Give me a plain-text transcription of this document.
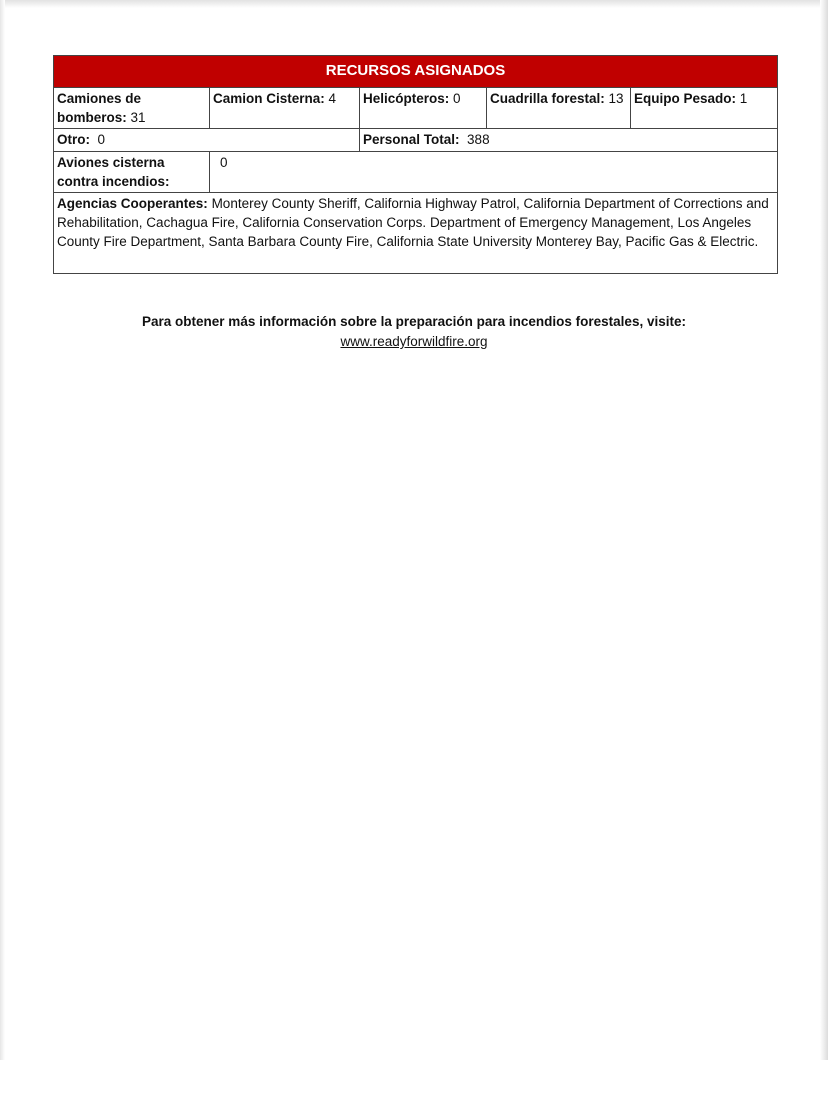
RECURSOS ASIGNADOS				
Camiones de bomberos: 31	Camion Cisterna: 4	Helicópteros: 0	Cuadrilla forestal: 13	Equipo Pesado: 1
Otro: 0		Personal Total: 388		
Aviones cisterna contra incendios:	0			
Agencias Cooperantes: Monterey County Sheriff, California Highway Patrol, California Department of Corrections and Rehabilitation, Cachagua Fire, California Conservation Corps. Department of Emergency Management, Los Angeles County Fire Department, Santa Barbara County Fire, California State University Monterey Bay, Pacific Gas & Electric.				
Para obtener más información sobre la preparación para incendios forestales, visite:
www.readyforwildfire.org
